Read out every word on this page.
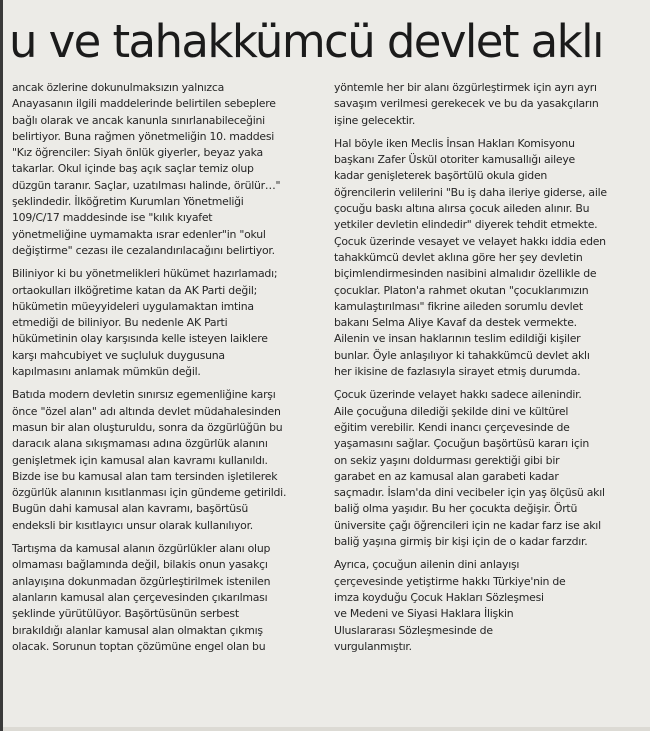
u ve tahakkümcü devlet aklı
ancak özlerine dokunulmaksızın yalnızca
Anayasanın ilgili maddelerinde belirtilen sebeplere
bağlı olarak ve ancak kanunla sınırlanabileceğini
belirtiyor. Buna rağmen yönetmeliğin 10. maddesi
"Kız öğrenciler: Siyah önlük giyerler, beyaz yaka
takarlar. Okul içinde baş açık saçlar temiz olup
düzgün taranır. Saçlar, uzatılması halinde, örülür…"
şeklindedir. İlköğretim Kurumları Yönetmeliği
109/C/17 maddesinde ise "kılık kıyafet
yönetmeliğine uymamakta ısrar edenler"in "okul
değiştirme" cezası ile cezalandırılacağını belirtiyor.
Biliniyor ki bu yönetmelikleri hükümet hazırlamadı;
ortaokulları ilköğretime katan da AK Parti değil;
hükümetin müeyyideleri uygulamaktan imtina
etmediği de biliniyor. Bu nedenle AK Parti
hükümetinin olay karşısında kelle isteyen laiklere
karşı mahcubiyet ve suçluluk duygusuna
kapılmasını anlamak mümkün değil.
Batıda modern devletin sınırsız egemenliğine karşı
önce "özel alan" adı altında devlet müdahalesinden
masun bir alan oluşturuldu, sonra da özgürlüğün bu
daracık alana sıkışmaması adına özgürlük alanını
genişletmek için kamusal alan kavramı kullanıldı.
Bizde ise bu kamusal alan tam tersinden işletilerek
özgürlük alanının kısıtlanması için gündeme getirildi.
Bugün dahi kamusal alan kavramı, başörtüsü
endeksli bir kısıtlayıcı unsur olarak kullanılıyor.
Tartışma da kamusal alanın özgürlükler alanı olup
olmaması bağlamında değil, bilakis onun yasakçı
anlayışına dokunmadan özgürleştirilmek istenilen
alanların kamusal alan çerçevesinden çıkarılması
şeklinde yürütülüyor. Başörtüsünün serbest
bırakıldığı alanlar kamusal alan olmaktan çıkmış
olacak. Sorunun toptan çözümüne engel olan bu
yöntemle her bir alanı özgürleştirmek için ayrı ayrı
savaşım verilmesi gerekecek ve bu da yasakçıların
işine gelecektir.
Hal böyle iken Meclis İnsan Hakları Komisyonu
başkanı Zafer Üskül otoriter kamusallığı aileye
kadar genişleterek başörtülü okula giden
öğrencilerin velilerini "Bu iş daha ileriye giderse, aile
çocuğu baskı altına alırsa çocuk aileden alınır. Bu
yetkiler devletin elindedir" diyerek tehdit etmekte.
Çocuk üzerinde vesayet ve velayet hakkı iddia eden
tahakkümcü devlet aklına göre her şey devletin
biçimlendirmesinden nasibini almalıdır özellikle de
çocuklar. Platon'a rahmet okutan "çocuklarımızın
kamulaştırılması" fikrine aileden sorumlu devlet
bakanı Selma Aliye Kavaf da destek vermekte.
Ailenin ve insan haklarının teslim edildiği kişiler
bunlar. Öyle anlaşılıyor ki tahakkümcü devlet aklı
her ikisine de fazlasıyla sirayet etmiş durumda.
Çocuk üzerinde velayet hakkı sadece ailenindir.
Aile çocuğuna dilediği şekilde dini ve kültürel
eğitim verebilir. Kendi inancı çerçevesinde de
yaşamasını sağlar. Çocuğun başörtüsü kararı için
on sekiz yaşını doldurması gerektiği gibi bir
garabet en az kamusal alan garabeti kadar
saçmadır. İslam'da dini vecibeler için yaş ölçüsü akıl
baliğ olma yaşıdır. Bu her çocukta değişir. Örtü
üniversite çağı öğrencileri için ne kadar farz ise akıl
baliğ yaşına girmiş bir kişi için de o kadar farzdır.
Ayrıca, çocuğun ailenin dini anlayışı
çerçevesinde yetiştirme hakkı Türkiye'nin de
imza koyduğu Çocuk Hakları Sözleşmesi
ve Medeni ve Siyasi Haklara İlişkin
Uluslararası Sözleşmesinde de
vurgulanmıştır.
